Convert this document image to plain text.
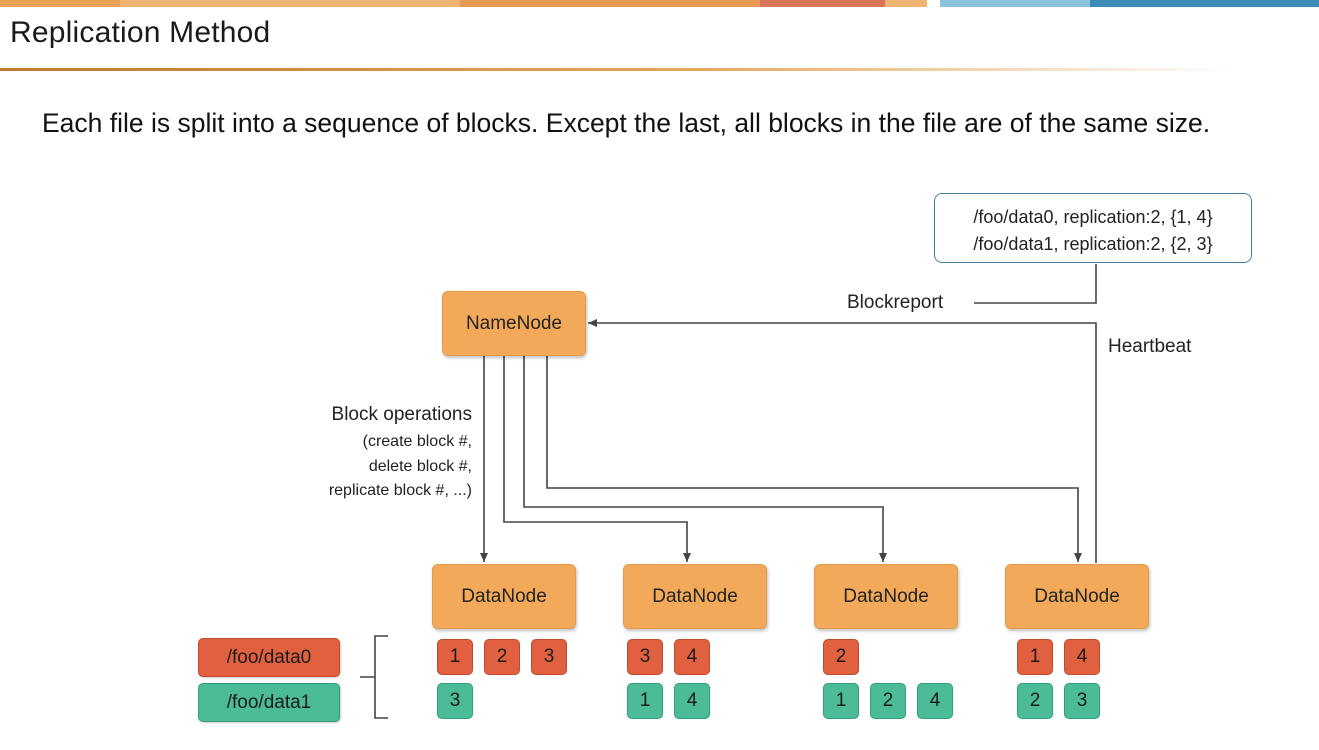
Replication Method
Each file is split into a sequence of blocks. Except the last, all blocks in the file are of the same size.
/foo/data0, replication:2, {1, 4}
/foo/data1, replication:2, {2, 3}
Blockreport
Heartbeat
NameNode
Block operations
(create block #,
delete block #,
replicate block #, ...)
DataNode	DataNode	DataNode	DataNode
/foo/data0
/foo/data1
1	2	3
3
3	4
1	4
2
1	2	4
1	4
2	3
